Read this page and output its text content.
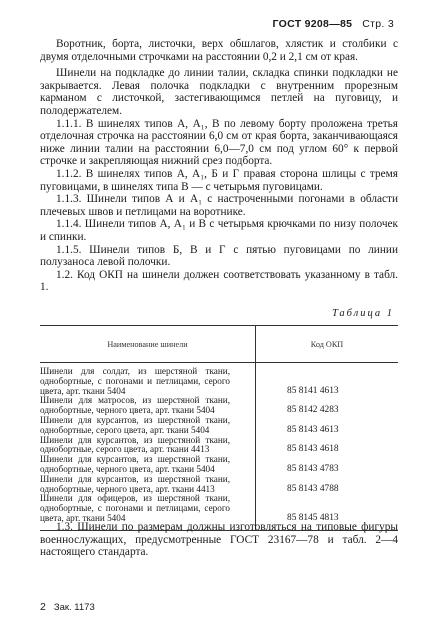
ГОСТ 9208—85 Стр. 3

Воротник, борта, листочки, верх обшлагов, хлястик и столбики с двумя отделочными строчками на расстоянии 0,2 и 2,1 см от края.

Шинели на подкладке до линии талии, складка спинки подкладки не закрывается. Левая полочка подкладки с внутренним прорезным карманом с листочкой, застегивающимся петлей на пуговицу, и полодержателем.

1.1.1. В шинелях типов А, А₁, В по левому борту проложена третья отделочная строчка на расстоянии 6,0 см от края борта, заканчивающаяся ниже линии талии на расстоянии 6,0—7,0 см под углом 60° к первой строчке и закрепляющая нижний срез подборта.

1.1.2. В шинелях типов А, А₁, Б и Г правая сторона шлицы с тремя пуговицами, в шинелях типа В — с четырьмя пуговицами.

1.1.3. Шинели типов А и А₁ с настроченными погонами в области плечевых швов и петлицами на воротнике.

1.1.4. Шинели типов А, А₁ и В с четырьмя крючками по низу полочек и спинки.

1.1.5. Шинели типов Б, В и Г с пятью пуговицами по линии полузаноса левой полочки.

1.2. Код ОКП на шинели должен соответствовать указанному в табл. 1.

Таблица 1
Наименование шинели	Код ОКП
Шинели для солдат, из шерстяной ткани, однобортные, с погонами и петлицами, серого цвета, арт. ткани 5404	85 8141 4613
Шинели для матросов, из шерстяной ткани, однобортные, черного цвета, арт. ткани 5404	85 8142 4283
Шинели для курсантов, из шерстяной ткани, однобортные, серого цвета, арт. ткани 5404	85 8143 4613
Шинели для курсантов, из шерстяной ткани, однобортные, серого цвета, арт. ткани 4413	85 8143 4618
Шинели для курсантов, из шерстяной ткани, однобортные, черного цвета, арт. ткани 5404	85 8143 4783
Шинели для курсантов, из шерстяной ткани, однобортные, черного цвета, арт. ткани 4413	85 8143 4788
Шинели для офицеров, из шерстяной ткани, однобортные, с погонами и петлицами, серого цвета, арт. ткани 5404	85 8145 4813
1.3. Шинели по размерам должны изготовляться на типовые фигуры военнослужащих, предусмотренные ГОСТ 23167—78 и табл. 2—4 настоящего стандарта.
2 Зак. 1173
